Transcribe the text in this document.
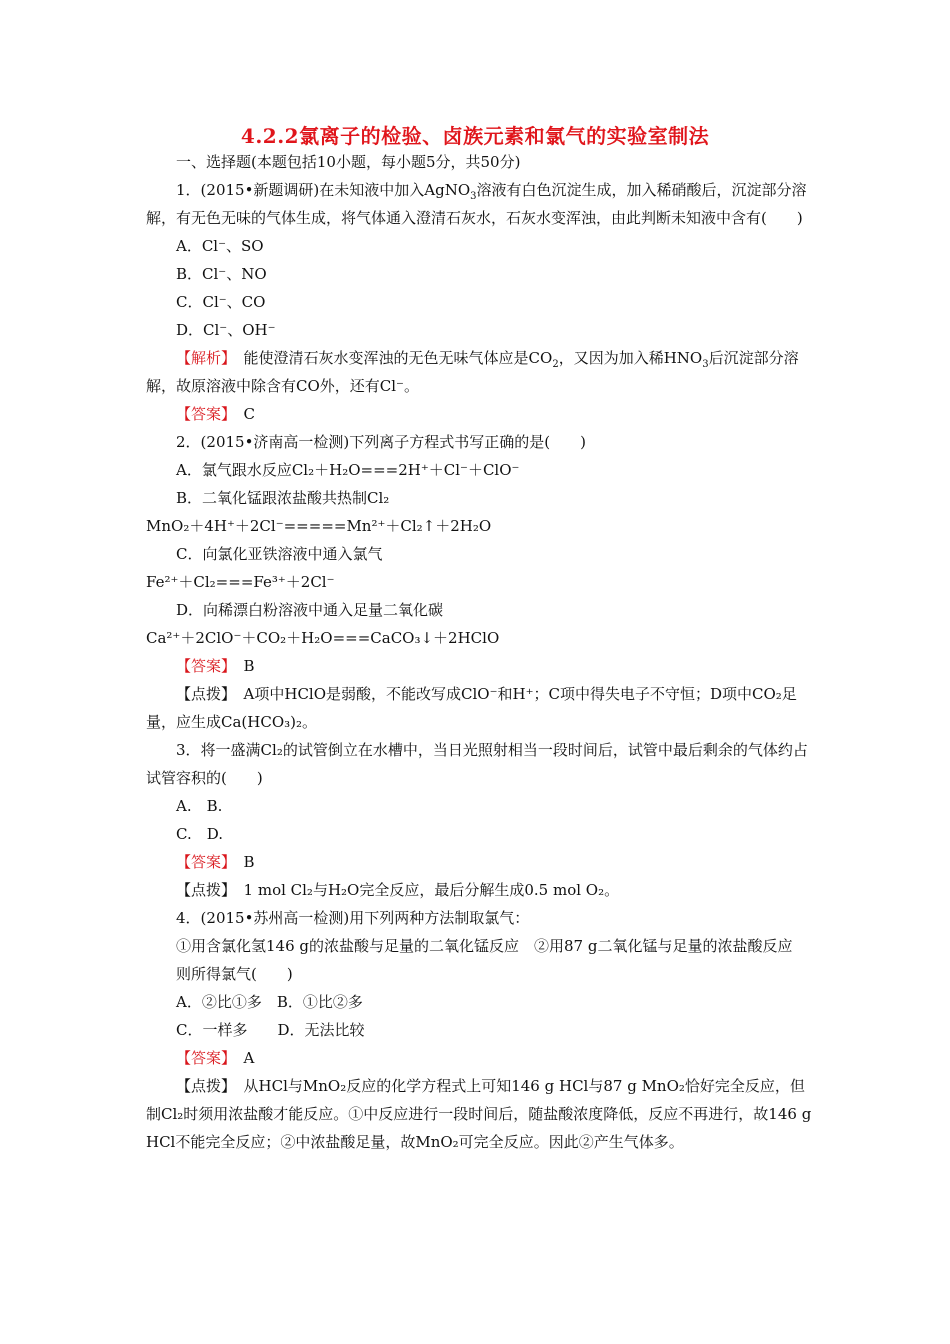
4.2.2氯离子的检验、卤族元素和氯气的实验室制法

一、选择题(本题包括10小题，每小题5分，共50分)

1．(2015•新题调研)在未知液中加入AgNO$_3$溶液有白色沉淀生成，加入稀硝酸后，沉淀部分溶解，有无色无味的气体生成，将气体通入澄清石灰水，石灰水变浑浊，由此判断未知液中含有(　　)

A．Cl⁻、SO

B．Cl⁻、NO

C．Cl⁻、CO

D．Cl⁻、OH⁻

【解析】　 能使澄清石灰水变浑浊的无色无味气体应是$CO_2$，又因为加入稀$HNO_3$后沉淀部分溶解，故原溶液中除含有CO外，还有Cl⁻。

【答案】　 C

2．(2015•济南高一检测)下列离子方程式书写正确的是(　　)

A．氯气跟水反应Cl₂＋H₂O===2H⁺＋Cl⁻＋ClO⁻

B．二氧化锰跟浓盐酸共热制Cl₂

MnO₂＋4H⁺＋2Cl⁻=====Mn²⁺＋Cl₂↑＋2H₂O

C．向氯化亚铁溶液中通入氯气

Fe²⁺＋Cl₂===Fe³⁺＋2Cl⁻

D．向稀漂白粉溶液中通入足量二氧化碳

Ca²⁺＋2ClO⁻＋CO₂＋H₂O===CaCO₃↓＋2HClO

【答案】　 B

【点拨】　 A项中HClO是弱酸，不能改写成ClO⁻和H⁺；C项中得失电子不守恒；D项中CO₂足量，应生成Ca(HCO₃)₂。

3．将一盛满Cl₂的试管倒立在水槽中，当日光照射相当一段时间后，试管中最后剩余的气体约占试管容积的(　　)

A.　B.

C.　D.

【答案】　 B

【点拨】　 1 mol Cl₂与H₂O完全反应，最后分解生成0.5 mol O₂。

4．(2015•苏州高一检测)用下列两种方法制取氯气：

①用含氯化氢146 g的浓盐酸与足量的二氧化锰反应　②用87 g二氧化锰与足量的浓盐酸反应

则所得氯气(　　)

A．②比①多　B．①比②多

C．一样多　　D．无法比较

【答案】　 A

【点拨】　 从HCl与MnO₂反应的化学方程式上可知146 g HCl与87 g MnO₂恰好完全反应，但制Cl₂时须用浓盐酸才能反应。①中反应进行一段时间后，随盐酸浓度降低，反应不再进行，故146 g HCl不能完全反应；②中浓盐酸足量，故MnO₂可完全反应。因此②产生气体多。
